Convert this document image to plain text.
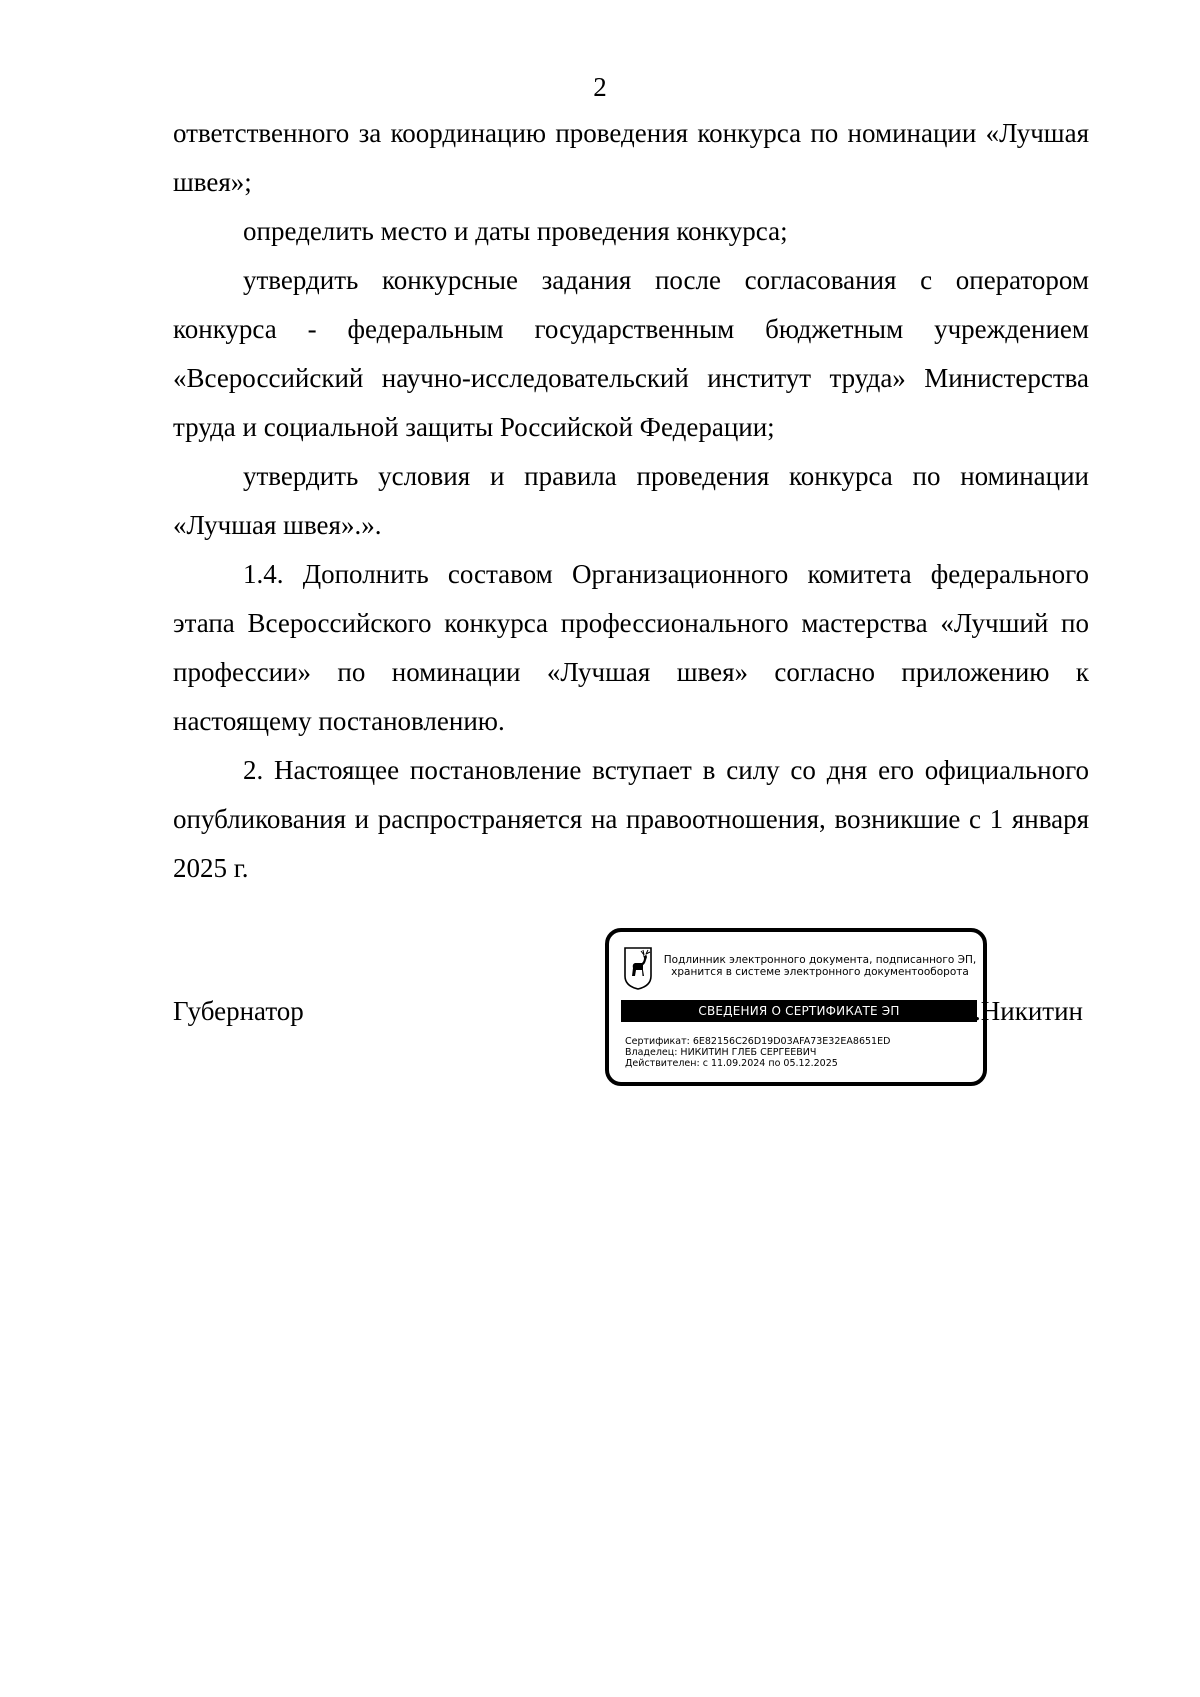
2

ответственного за координацию проведения конкурса по номинации «Лучшая швея»;

определить место и даты проведения конкурса;

утвердить конкурсные задания после согласования с оператором конкурса - федеральным государственным бюджетным учреждением «Всероссийский научно-исследовательский институт труда» Министерства труда и социальной защиты Российской Федерации;

утвердить условия и правила проведения конкурса по номинации «Лучшая швея».».

1.4. Дополнить составом Организационного комитета федерального этапа Всероссийского конкурса профессионального мастерства «Лучший по профессии» по номинации «Лучшая швея» согласно приложению к настоящему постановлению.

2. Настоящее постановление вступает в силу со дня его официального опубликования и распространяется на правоотношения, возникшие с 1 января 2025 г.

Губернатор
Подлинник электронного документа, подписанного ЭП,
хранится в системе электронного документооборота
СВЕДЕНИЯ О СЕРТИФИКАТЕ ЭП
Сертификат: 6E82156C26D19D03AFA73E32EA8651ED
Владелец: НИКИТИН ГЛЕБ СЕРГЕЕВИЧ
Действителен: с 11.09.2024 по 05.12.2025
Г.С.Никитин
